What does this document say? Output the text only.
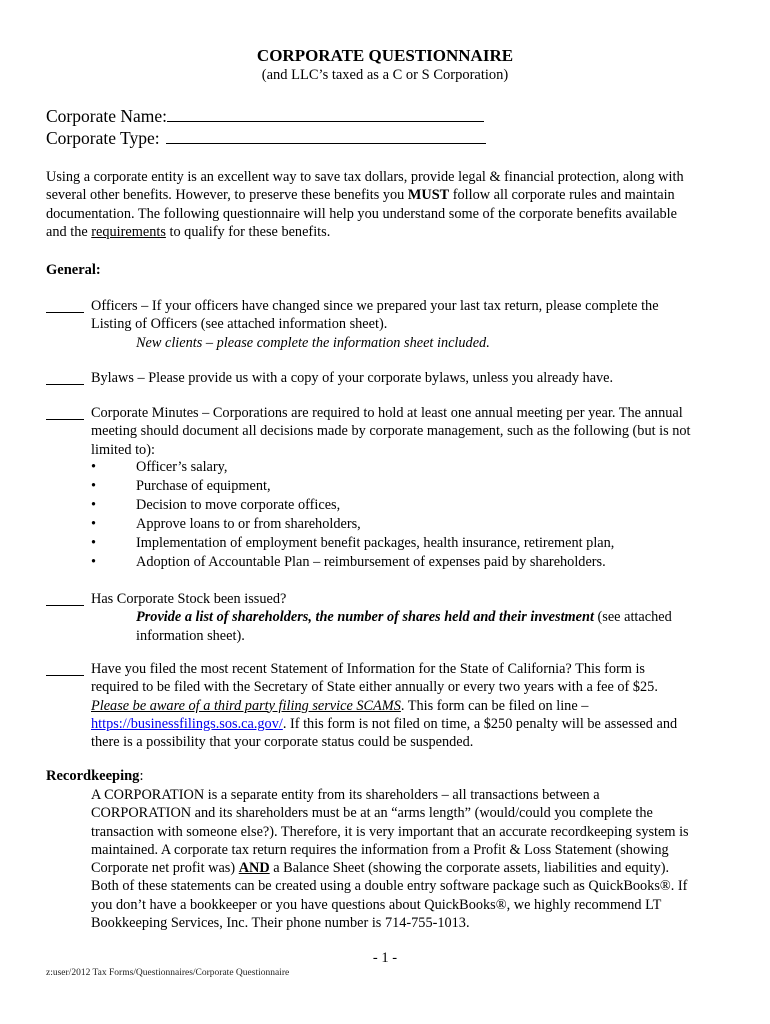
CORPORATE QUESTIONNAIRE
(and LLC’s taxed as a C or S Corporation)
Corporate Name:
Corporate Type:
Using a corporate entity is an excellent way to save tax dollars, provide legal & financial protection, along with
several other benefits. However, to preserve these benefits you MUST follow all corporate rules and maintain
documentation. The following questionnaire will help you understand some of the corporate benefits available
and the requirements to qualify for these benefits.
General:
Officers – If your officers have changed since we prepared your last tax return, please complete the
Listing of Officers (see attached information sheet).
New clients – please complete the information sheet included.
Bylaws – Please provide us with a copy of your corporate bylaws, unless you already have.
Corporate Minutes – Corporations are required to hold at least one annual meeting per year. The annual
meeting should document all decisions made by corporate management, such as the following (but is not
limited to):
•	Officer’s salary,
•	Purchase of equipment,
•	Decision to move corporate offices,
•	Approve loans to or from shareholders,
•	Implementation of employment benefit packages, health insurance, retirement plan,
•	Adoption of Accountable Plan – reimbursement of expenses paid by shareholders.
Has Corporate Stock been issued?
Provide a list of shareholders, the number of shares held and their investment (see attached
information sheet).
Have you filed the most recent Statement of Information for the State of California? This form is
required to be filed with the Secretary of State either annually or every two years with a fee of $25.
Please be aware of a third party filing service SCAMS. This form can be filed on line –
https://businessfilings.sos.ca.gov/. If this form is not filed on time, a $250 penalty will be assessed and
there is a possibility that your corporate status could be suspended.
Recordkeeping:
A CORPORATION is a separate entity from its shareholders – all transactions between a
CORPORATION and its shareholders must be at an “arms length” (would/could you complete the
transaction with someone else?). Therefore, it is very important that an accurate recordkeeping system is
maintained. A corporate tax return requires the information from a Profit & Loss Statement (showing
Corporate net profit was) AND a Balance Sheet (showing the corporate assets, liabilities and equity).
Both of these statements can be created using a double entry software package such as QuickBooks®. If
you don’t have a bookkeeper or you have questions about QuickBooks®, we highly recommend LT
Bookkeeping Services, Inc. Their phone number is 714-755-1013.
- 1 -
z:user/2012 Tax Forms/Questionnaires/Corporate Questionnaire
